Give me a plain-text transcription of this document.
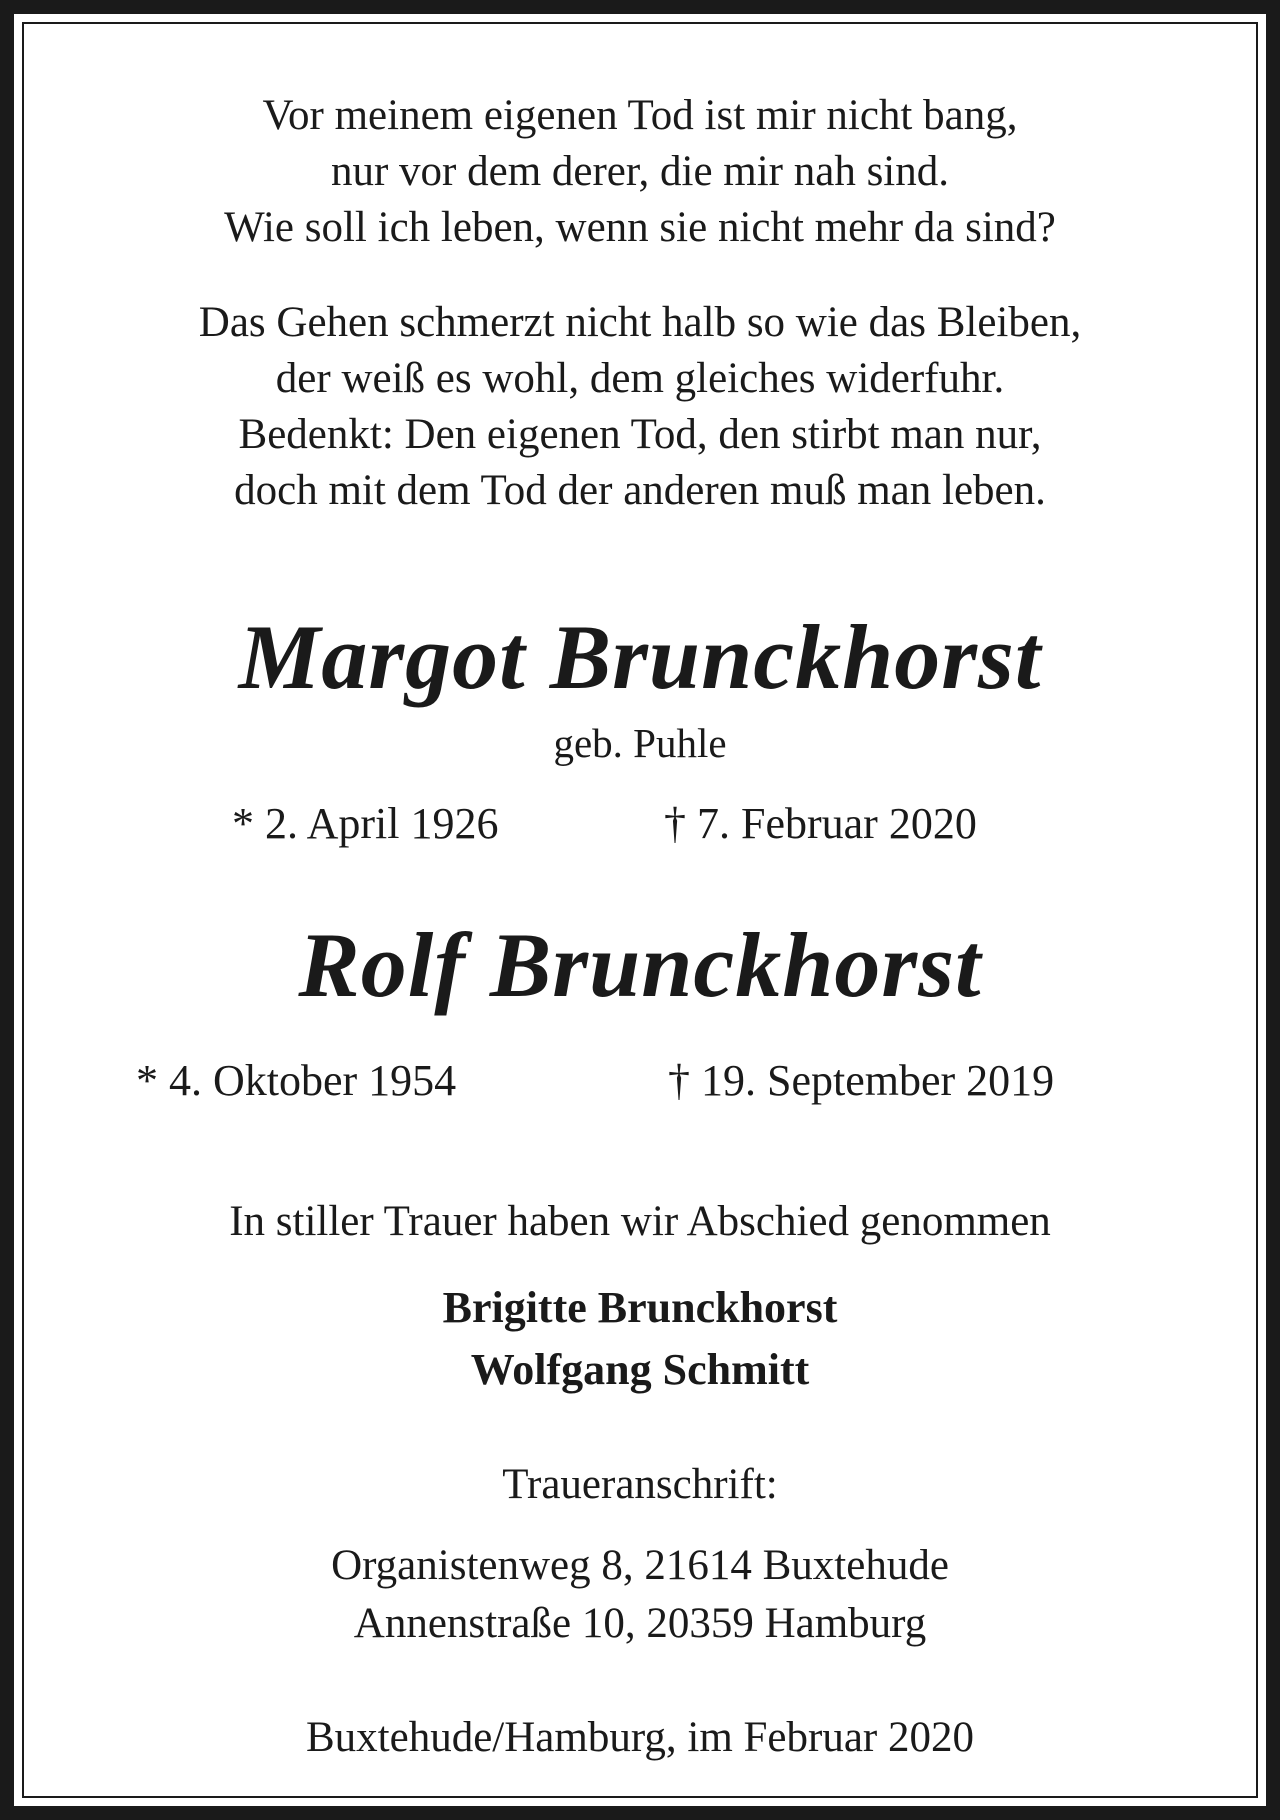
Vor meinem eigenen Tod ist mir nicht bang,

nur vor dem derer, die mir nah sind.

Wie soll ich leben, wenn sie nicht mehr da sind?

Das Gehen schmerzt nicht halb so wie das Bleiben,

der weiß es wohl, dem gleiches widerfuhr.

Bedenkt: Den eigenen Tod, den stirbt man nur,

doch mit dem Tod der anderen muß man leben.

Margot Brunckhorst

geb. Puhle

* 2. April 1926	† 7. Februar 2020
Rolf Brunckhorst
* 4. Oktober 1954	† 19. September 2019

In stiller Trauer haben wir Abschied genommen

Brigitte Brunckhorst

Wolfgang Schmitt

Traueranschrift:

Organistenweg 8, 21614 Buxtehude

Annenstraße 10, 20359 Hamburg

Buxtehude/Hamburg, im Februar 2020
